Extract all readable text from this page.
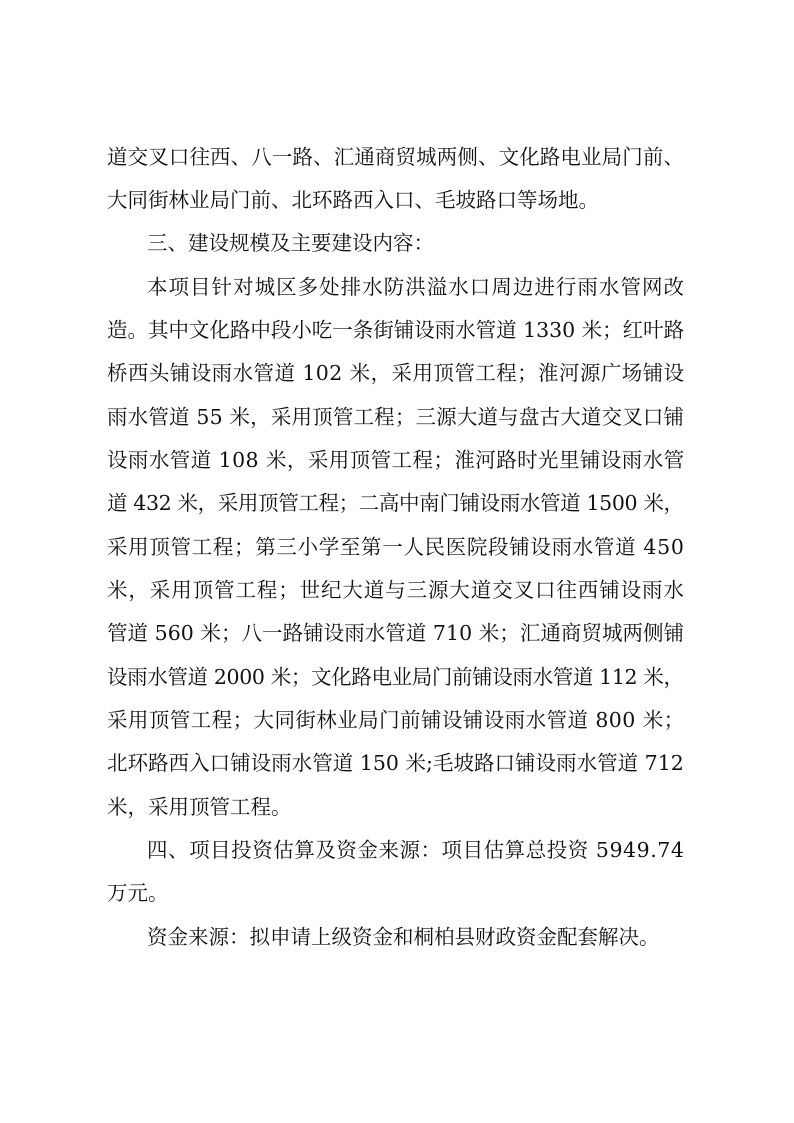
道交叉口往西、八一路、汇通商贸城两侧、文化路电业局门前、
大同街林业局门前、北环路西入口、毛坡路口等场地。
三、建设规模及主要建设内容：
本项目针对城区多处排水防洪溢水口周边进行雨水管网改
造。其中文化路中段小吃一条街铺设雨水管道 1330 米；红叶路
桥西头铺设雨水管道 102 米，采用顶管工程；淮河源广场铺设
雨水管道 55 米，采用顶管工程；三源大道与盘古大道交叉口铺
设雨水管道 108 米，采用顶管工程；淮河路时光里铺设雨水管
道 432 米，采用顶管工程；二高中南门铺设雨水管道 1500 米，
采用顶管工程；第三小学至第一人民医院段铺设雨水管道 450
米，采用顶管工程；世纪大道与三源大道交叉口往西铺设雨水
管道 560 米；八一路铺设雨水管道 710 米；汇通商贸城两侧铺
设雨水管道 2000 米；文化路电业局门前铺设雨水管道 112 米，
采用顶管工程；大同街林业局门前铺设铺设雨水管道 800 米；
北环路西入口铺设雨水管道 150 米;毛坡路口铺设雨水管道 712
米，采用顶管工程。
四、项目投资估算及资金来源：项目估算总投资 5949.74
万元。
资金来源：拟申请上级资金和桐柏县财政资金配套解决。
